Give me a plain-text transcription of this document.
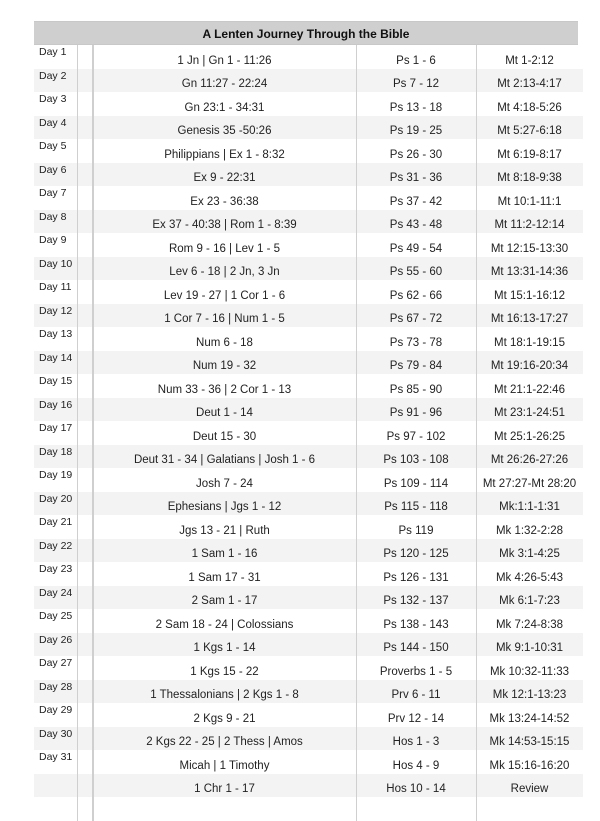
A Lenten Journey Through the Bible
Day 1			1 Jn | Gn 1 - 11:26	Ps 1 - 6	Mt 1-2:12
Day 2			Gn 11:27 - 22:24	Ps 7 - 12	Mt 2:13-4:17
Day 3			Gn 23:1 - 34:31	Ps 13 - 18	Mt 4:18-5:26
Day 4			Genesis 35 -50:26	Ps 19 - 25	Mt 5:27-6:18
Day 5			Philippians | Ex 1 - 8:32	Ps 26 - 30	Mt 6:19-8:17
Day 6			Ex 9 - 22:31	Ps 31 - 36	Mt 8:18-9:38
Day 7			Ex 23 - 36:38	Ps 37 - 42	Mt 10:1-11:1
Day 8			Ex 37 - 40:38 | Rom 1 - 8:39	Ps 43 - 48	Mt 11:2-12:14
Day 9			Rom 9 - 16 | Lev 1 - 5	Ps 49 - 54	Mt 12:15-13:30
Day 10			Lev 6 - 18 | 2 Jn, 3 Jn	Ps 55 - 60	Mt 13:31-14:36
Day 11			Lev 19 - 27 | 1 Cor 1 - 6	Ps 62 - 66	Mt 15:1-16:12
Day 12			1 Cor 7 - 16 | Num 1 - 5	Ps 67 - 72	Mt 16:13-17:27
Day 13			Num 6 - 18	Ps 73 - 78	Mt 18:1-19:15
Day 14			Num 19 - 32	Ps 79 - 84	Mt 19:16-20:34
Day 15			Num 33 - 36 | 2 Cor 1 - 13	Ps 85 - 90	Mt 21:1-22:46
Day 16			Deut 1 - 14	Ps 91 - 96	Mt 23:1-24:51
Day 17			Deut 15 - 30	Ps 97 - 102	Mt 25:1-26:25
Day 18			Deut 31 - 34 | Galatians | Josh 1 - 6	Ps 103 - 108	Mt 26:26-27:26
Day 19			Josh 7 - 24	Ps 109 - 114	Mt 27:27-Mt 28:20
Day 20			Ephesians | Jgs 1 - 12	Ps 115 - 118	Mk:1:1-1:31
Day 21			Jgs 13 - 21 | Ruth	Ps 119	Mk 1:32-2:28
Day 22			1 Sam 1 - 16	Ps 120 - 125	Mk 3:1-4:25
Day 23			1 Sam 17 - 31	Ps 126 - 131	Mk 4:26-5:43
Day 24			2 Sam 1 - 17	Ps 132 - 137	Mk 6:1-7:23
Day 25			2 Sam 18 - 24 | Colossians	Ps 138 - 143	Mk 7:24-8:38
Day 26			1 Kgs 1 - 14	Ps 144 - 150	Mk 9:1-10:31
Day 27			1 Kgs 15 - 22	Proverbs 1 - 5	Mk 10:32-11:33
Day 28			1 Thessalonians | 2 Kgs 1 - 8	Prv 6 - 11	Mk 12:1-13:23
Day 29			2 Kgs 9 - 21	Prv 12 - 14	Mk 13:24-14:52
Day 30			2 Kgs 22 - 25 | 2 Thess | Amos	Hos 1 - 3	Mk 14:53-15:15
Day 31			Micah | 1 Timothy	Hos 4 - 9	Mk 15:16-16:20
			1 Chr 1 - 17	Hos 10 - 14	Review
